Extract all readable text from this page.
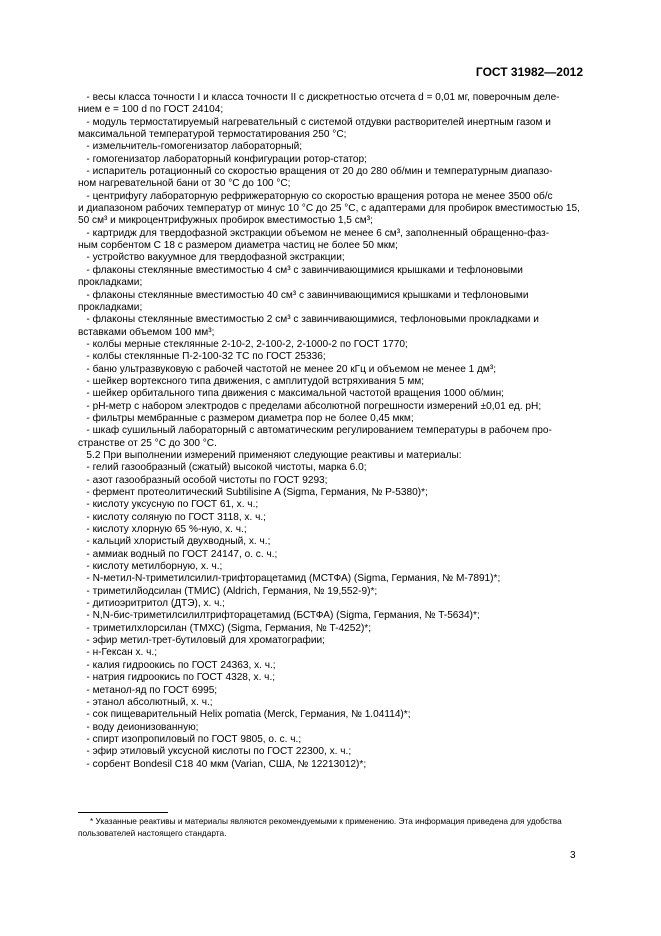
ГОСТ 31982—2012

- весы класса точности I и класса точности II с дискретностью отсчета d = 0,01 мг, поверочным деле-

нием e = 100 d по ГОСТ 24104;

- модуль термостатируемый нагревательный с системой отдувки растворителей инертным газом и

максимальной температурой термостатирования 250 °С;

- измельчитель-гомогенизатор лабораторный;

- гомогенизатор лабораторный конфигурации ротор-статор;

- испаритель ротационный со скоростью вращения от 20 до 280 об/мин и температурным диапазо-

ном нагревательной бани от 30 °С до 100 °С;

- центрифугу лабораторную рефрижераторную со скоростью вращения ротора не менее 3500 об/с

и диапазоном рабочих температур от минус 10 °С до 25 °С, с адаптерами для пробирок вместимостью 15,

50 см³ и микроцентрифужных пробирок вместимостью 1,5 см³;

- картридж для твердофазной экстракции объемом не менее 6 см³, заполненный обращенно-фаз-

ным сорбентом С 18 с размером диаметра частиц не более 50 мкм;

- устройство вакуумное для твердофазной экстракции;

- флаконы стеклянные вместимостью 4 см³ с завинчивающимися крышками и тефлоновыми

прокладками;

- флаконы стеклянные вместимостью 40 см³ с завинчивающимися крышками и тефлоновыми

прокладками;

- флаконы стеклянные вместимостью 2 см³ с завинчивающимися, тефлоновыми прокладками и

вставками объемом 100 мм³;

- колбы мерные стеклянные 2-10-2, 2-100-2, 2-1000-2 по ГОСТ 1770;

- колбы стеклянные П-2-100-32 ТС по ГОСТ 25336;

- баню ультразвуковую с рабочей частотой не менее 20 кГц и объемом не менее 1 дм³;

- шейкер вортексного типа движения, с амплитудой встряхивания 5 мм;

- шейкер орбитального типа движения с максимальной частотой вращения 1000 об/мин;

- рН-метр с набором электродов с пределами абсолютной погрешности измерений ±0,01 ед. рН;

- фильтры мембранные с размером диаметра пор не более 0,45 мкм;

- шкаф сушильный лабораторный с автоматическим регулированием температуры в рабочем про-

странстве от 25 °С до 300 °С.

5.2 При выполнении измерений применяют следующие реактивы и материалы:

- гелий газообразный (сжатый) высокой чистоты, марка 6.0;

- азот газообразный особой чистоты по ГОСТ 9293;

- фермент протеолитический Subtilisine A (Sigma, Германия, № P-5380)*;

- кислоту уксусную по ГОСТ 61, х. ч.;

- кислоту соляную по ГОСТ 3118, х. ч.;

- кислоту хлорную 65 %-ную, х. ч.;

- кальций хлористый двухводный, х. ч.;

- аммиак водный по ГОСТ 24147, о. с. ч.;

- кислоту метилборную, х. ч.;

- N-метил-N-триметилсилил-трифторацетамид (МСТФА) (Sigma, Германия, № М-7891)*;

- триметилйодсилан (ТМИС) (Aldrich, Германия, № 19,552-9)*;

- дитиоэритритол (ДТЭ), х. ч.;

- N,N-бис-триметилсилилтрифторацетамид (БСТФА) (Sigma, Германия, № T-5634)*;

- триметилхлорсилан (ТМХС) (Sigma, Германия, № T-4252)*;

- эфир метил-трет-бутиловый для хроматографии;

- н-Гексан х. ч.;

- калия гидроокись по ГОСТ 24363, х. ч.;

- натрия гидроокись по ГОСТ 4328, х. ч.;

- метанол-яд по ГОСТ 6995;

- этанол абсолютный, х. ч.;

- сок пищеварительный Helix pomatia (Merck, Германия, № 1.04114)*;

- воду деионизованную;

- спирт изопропиловый по ГОСТ 9805, о. с. ч.;

- эфир этиловый уксусной кислоты по ГОСТ 22300, х. ч.;

- сорбент Bondesil C18 40 мкм (Varian, США, № 12213012)*;

* Указанные реактивы и материалы являются рекомендуемыми к применению. Эта информация приведена для удобства пользователей настоящего стандарта.
3
